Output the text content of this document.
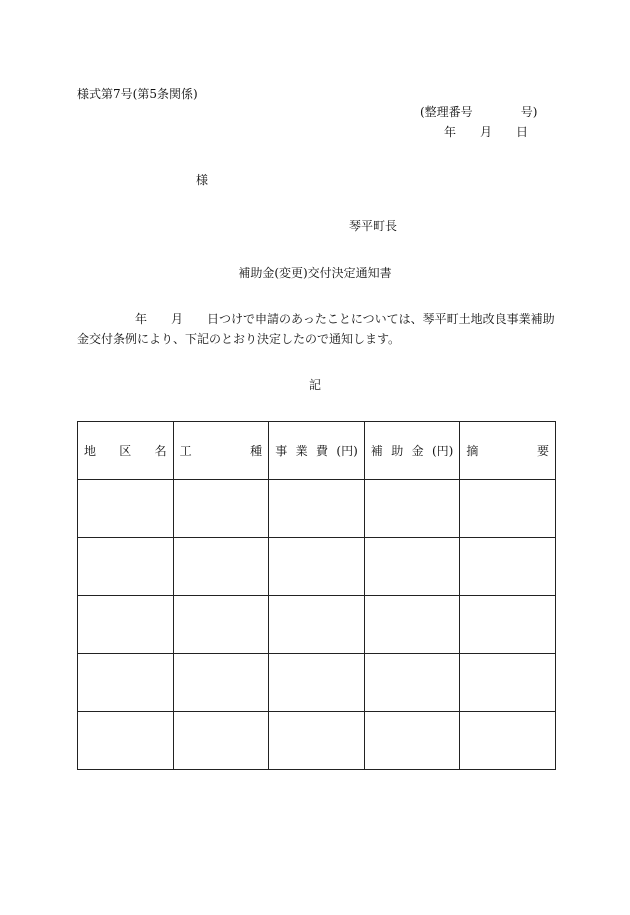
様式第7号(第5条関係)
(整理番号	号)
年 月 日
様
琴平町長
補助金(変更)交付決定通知書
年 月 日つけで申請のあったことについては、琴平町土地改良事業補助金交付条例により、下記のとおり決定したので通知します。
記
地 区 名	工 種	事 業 費 (円)	補 助 金 (円)	摘 要
